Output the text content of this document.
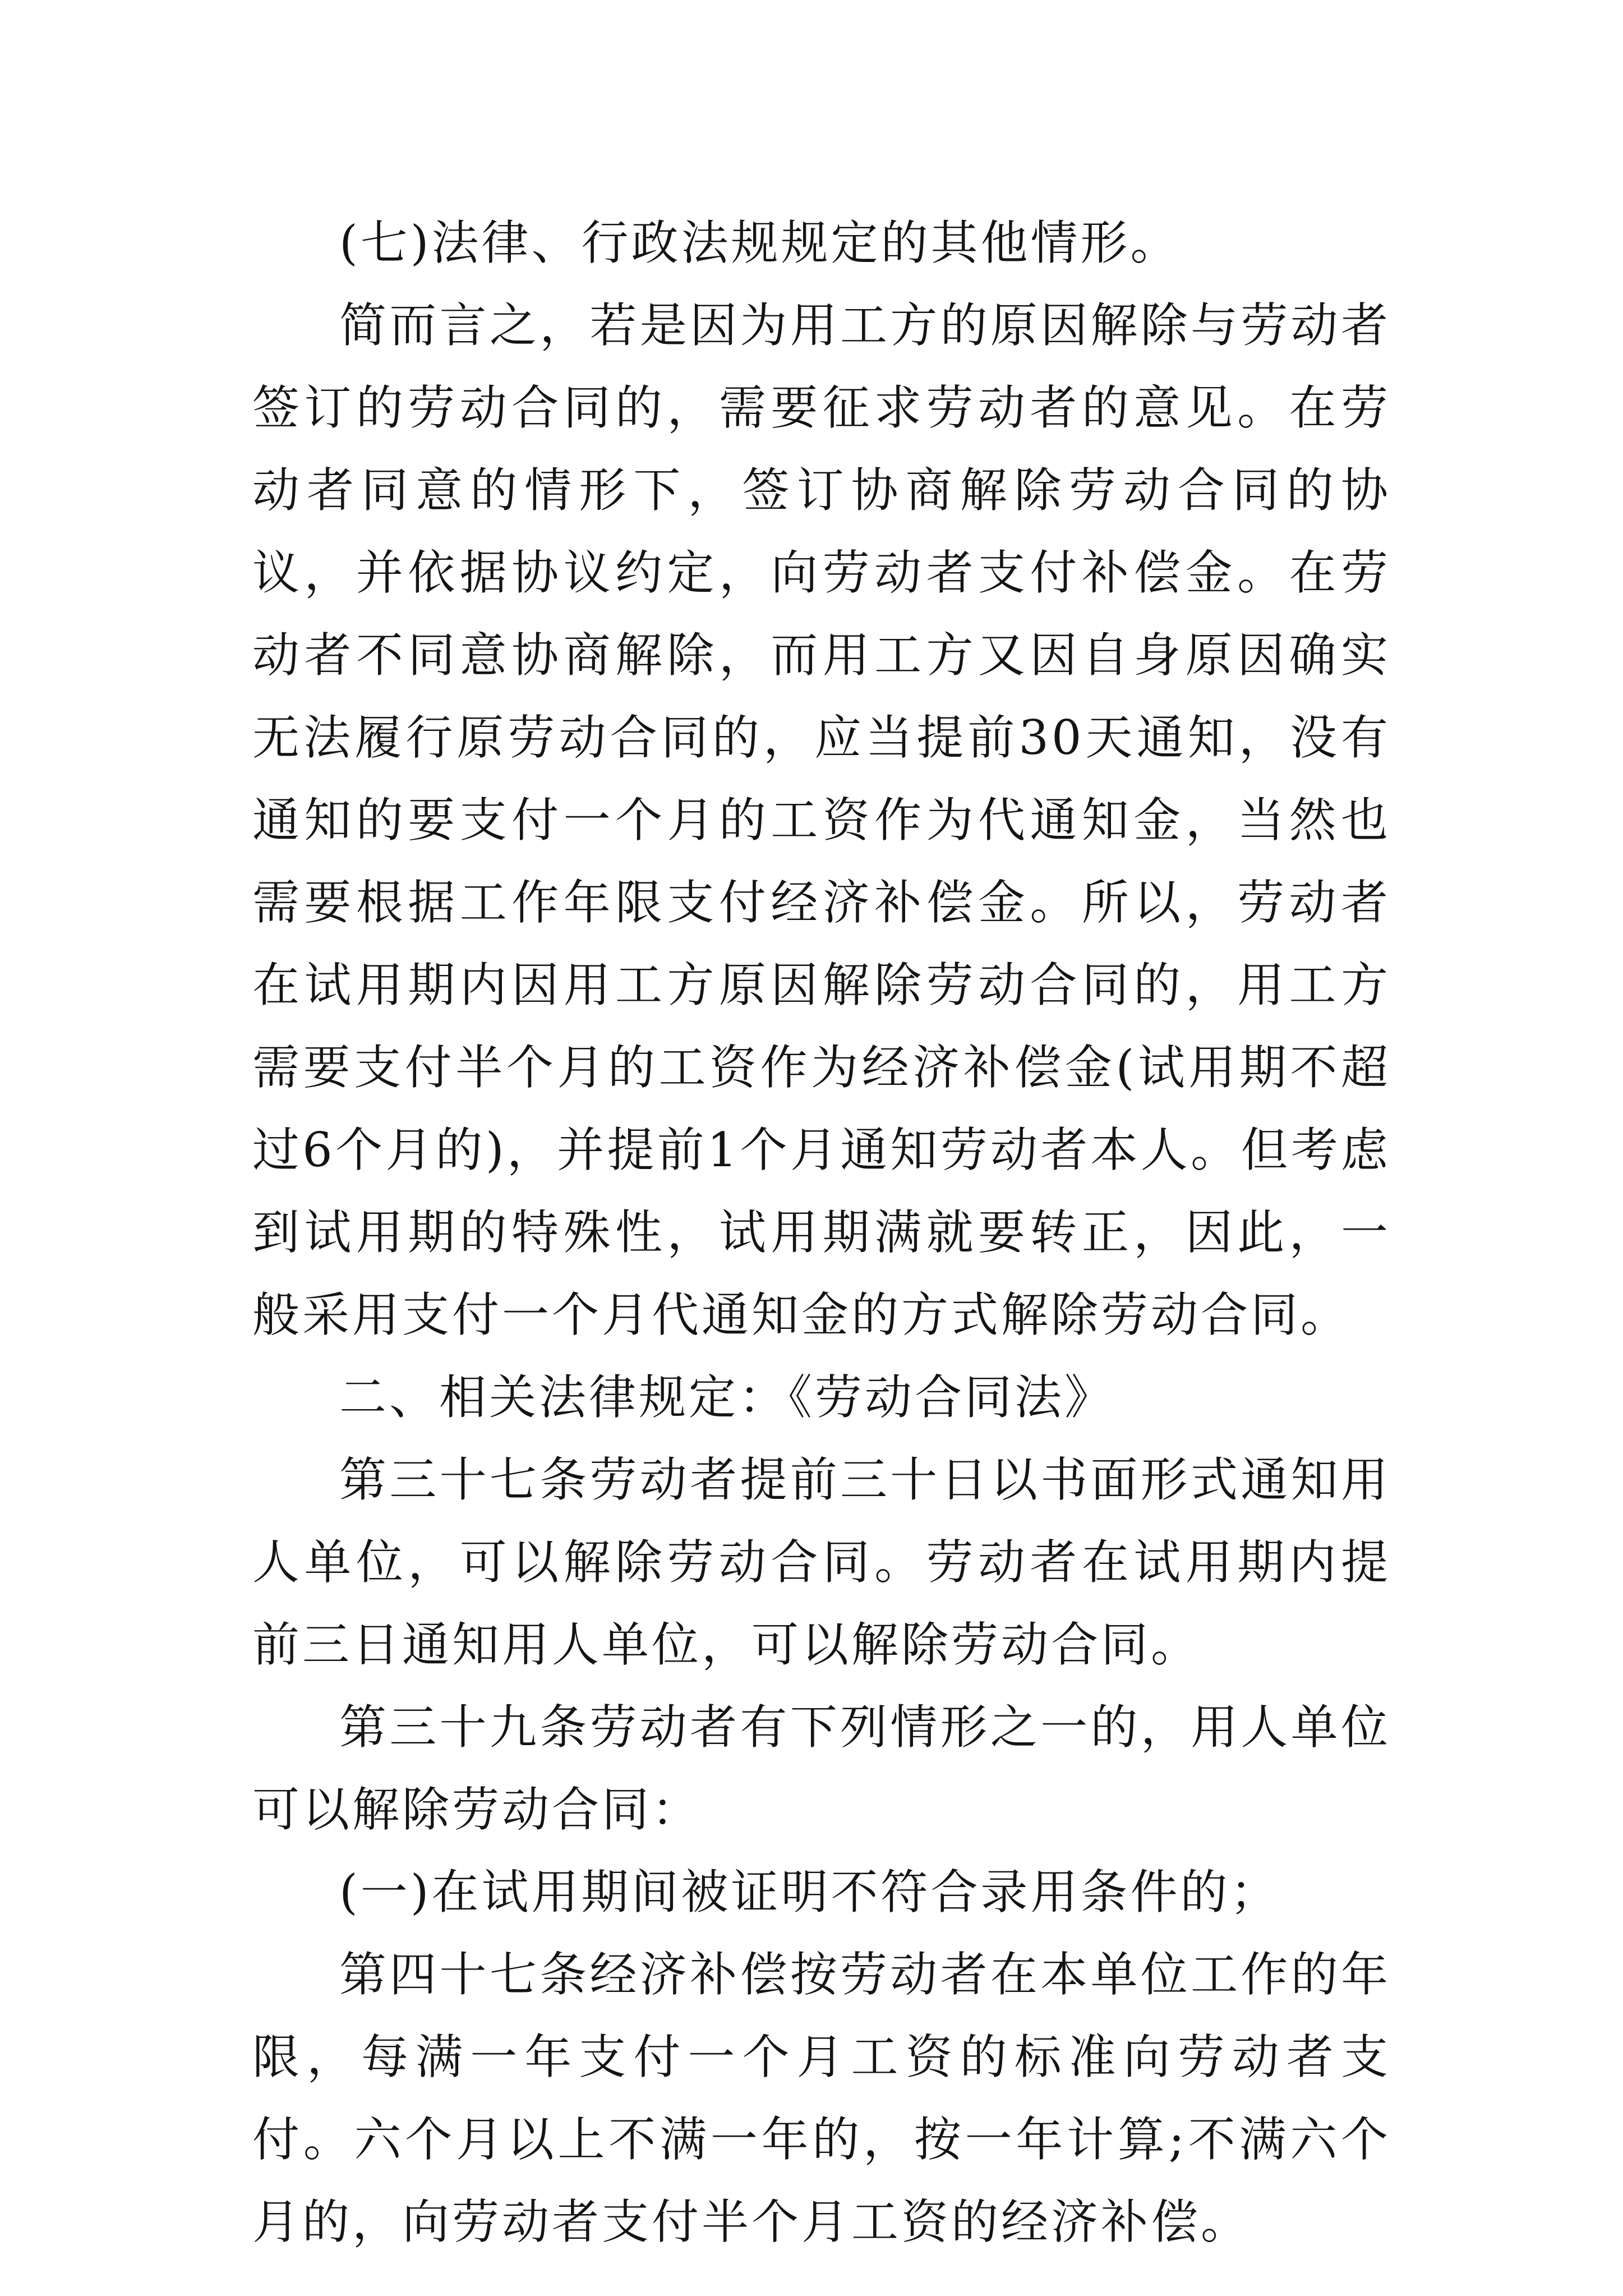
(七)法律、行政法规规定的其他情形。

简而言之，若是因为用工方的原因解除与劳动者签订的劳动合同的，需要征求劳动者的意见。在劳动者同意的情形下，签订协商解除劳动合同的协议，并依据协议约定，向劳动者支付补偿金。在劳动者不同意协商解除，而用工方又因自身原因确实无法履行原劳动合同的，应当提前30天通知，没有通知的要支付一个月的工资作为代通知金，当然也需要根据工作年限支付经济补偿金。所以，劳动者在试用期内因用工方原因解除劳动合同的，用工方需要支付半个月的工资作为经济补偿金(试用期不超过6个月的)，并提前1个月通知劳动者本人。但考虑到试用期的特殊性，试用期满就要转正，因此，一般采用支付一个月代通知金的方式解除劳动合同。

二、相关法律规定：《劳动合同法》

第三十七条劳动者提前三十日以书面形式通知用人单位，可以解除劳动合同。劳动者在试用期内提前三日通知用人单位，可以解除劳动合同。

第三十九条劳动者有下列情形之一的，用人单位可以解除劳动合同：

(一)在试用期间被证明不符合录用条件的；

第四十七条经济补偿按劳动者在本单位工作的年限，每满一年支付一个月工资的标准向劳动者支付。六个月以上不满一年的，按一年计算;不满六个月的，向劳动者支付半个月工资的经济补偿。
